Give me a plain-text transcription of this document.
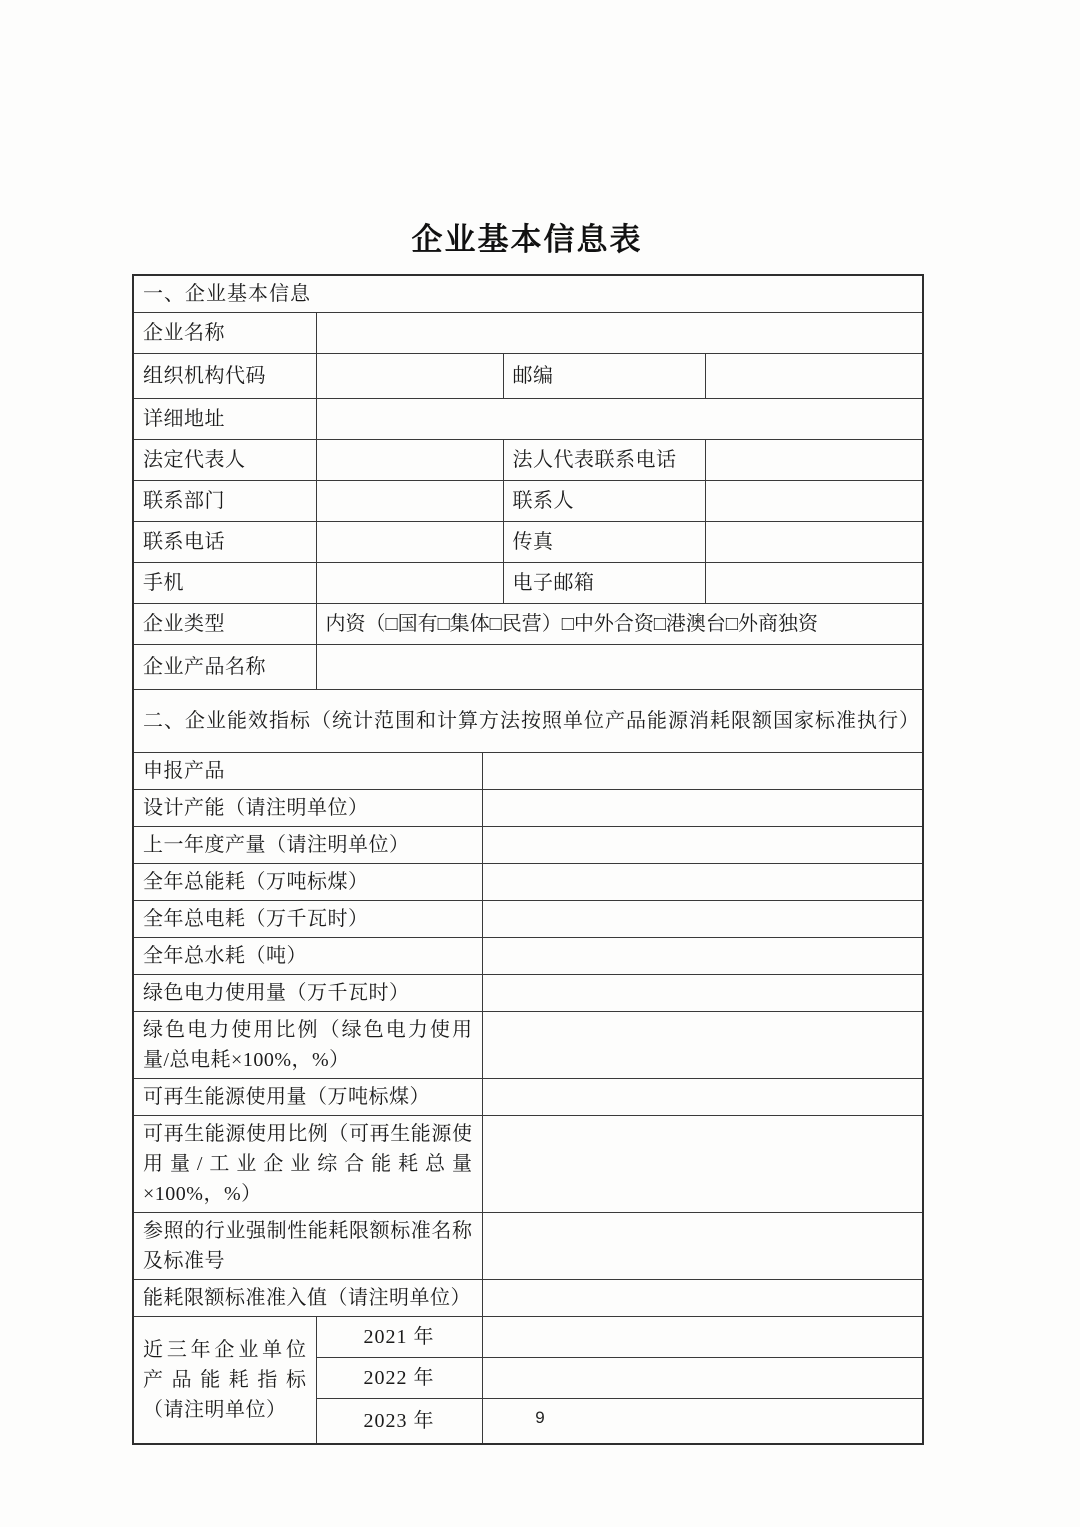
企业基本信息表
一、企业基本信息				
企业名称				
组织机构代码			邮编	
详细地址				
法定代表人			法人代表联系电话	
联系部门			联系人	
联系电话			传真	
手机			电子邮箱	
企业类型	内资（□国有□集体□民营）□中外合资□港澳台□外商独资			
企业产品名称				
二、企业能效指标（统计范围和计算方法按照单位产品能源消耗限额国家标准执行）				
申报产品				
设计产能（请注明单位）				
上一年度产量（请注明单位）				
全年总能耗（万吨标煤）				
全年总电耗（万千瓦时）				
全年总水耗（吨）				
绿色电力使用量（万千瓦时）				
绿色电力使用比例（绿色电力使用量/总电耗×100%，%）				
可再生能源使用量（万吨标煤）				
可再生能源使用比例（可再生能源使用量/工业企业综合能耗总量×100%，%）				
参照的行业强制性能耗限额标准名称及标准号				
能耗限额标准准入值（请注明单位）				
近三年企业单位产品能耗指标（请注明单位）	2021 年			
	2022 年			
	2023 年				9
